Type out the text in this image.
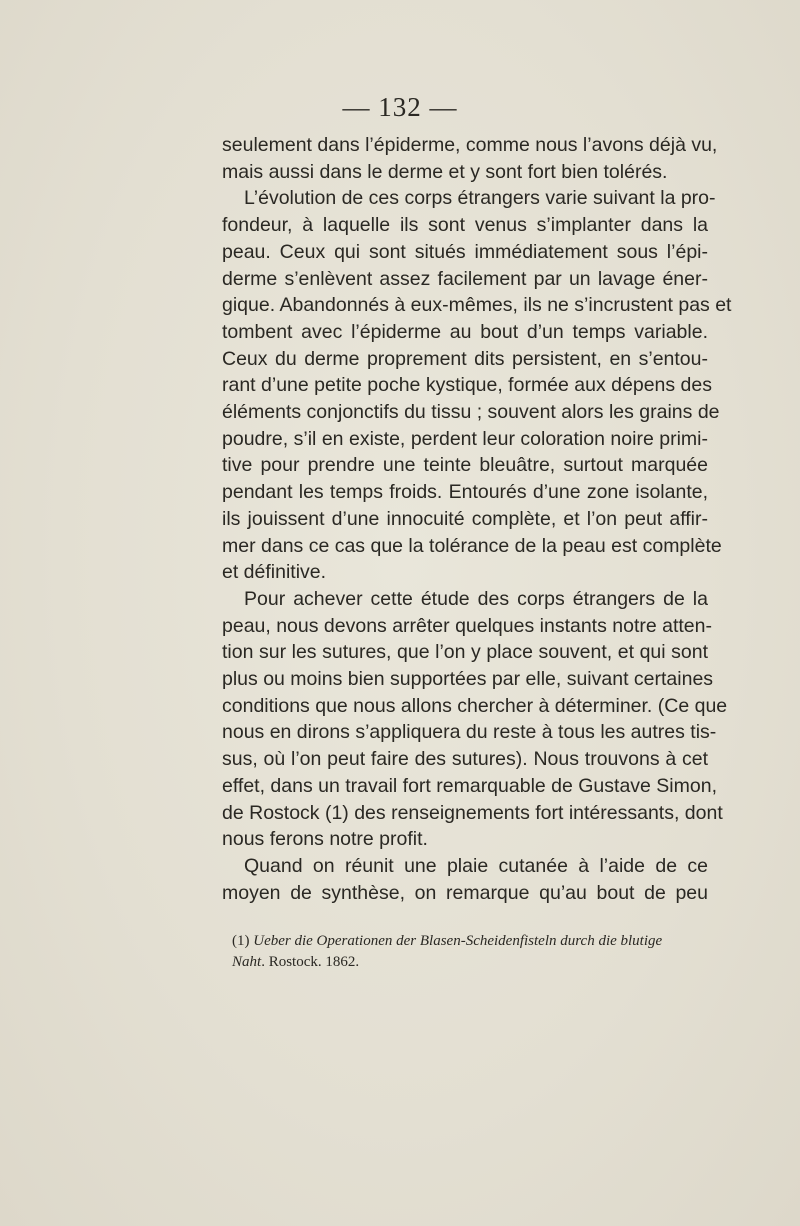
— 132 —
seulement dans l’épiderme, comme nous l’avons déjà vu,
mais aussi dans le derme et y sont fort bien tolérés.
L’évolution de ces corps étrangers varie suivant la pro-
fondeur, à laquelle ils sont venus s’implanter dans la
peau. Ceux qui sont situés immédiatement sous l’épi-
derme s’enlèvent assez facilement par un lavage éner-
gique. Abandonnés à eux-mêmes, ils ne s’incrustent pas et
tombent avec l’épiderme au bout d’un temps variable.
Ceux du derme proprement dits persistent, en s’entou-
rant d’une petite poche kystique, formée aux dépens des
éléments conjonctifs du tissu ; souvent alors les grains de
poudre, s’il en existe, perdent leur coloration noire primi-
tive pour prendre une teinte bleuâtre, surtout marquée
pendant les temps froids. Entourés d’une zone isolante,
ils jouissent d’une innocuité complète, et l’on peut affir-
mer dans ce cas que la tolérance de la peau est complète
et définitive.
Pour achever cette étude des corps étrangers de la
peau, nous devons arrêter quelques instants notre atten-
tion sur les sutures, que l’on y place souvent, et qui sont
plus ou moins bien supportées par elle, suivant certaines
conditions que nous allons chercher à déterminer. (Ce que
nous en dirons s’appliquera du reste à tous les autres tis-
sus, où l’on peut faire des sutures). Nous trouvons à cet
effet, dans un travail fort remarquable de Gustave Simon,
de Rostock (1) des renseignements fort intéressants, dont
nous ferons notre profit.
Quand on réunit une plaie cutanée à l’aide de ce
moyen de synthèse, on remarque qu’au bout de peu
(1) Ueber die Operationen der Blasen-Scheidenfisteln durch die blutige
Naht. Rostock. 1862.
